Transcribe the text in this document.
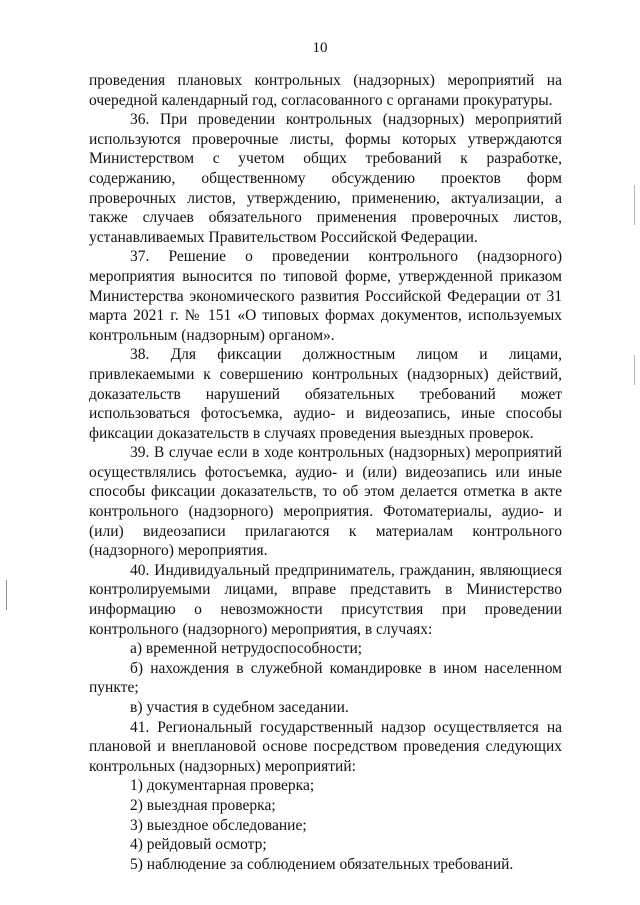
10

проведения плановых контрольных (надзорных) мероприятий на очередной календарный год, согласованного с органами прокуратуры.

36. При проведении контрольных (надзорных) мероприятий используются проверочные листы, формы которых утверждаются Министерством с учетом общих требований к разработке, содержанию, общественному обсуждению проектов форм проверочных листов, утверждению, применению, актуализации, а также случаев обязательного применения проверочных листов, устанавливаемых Правительством Российской Федерации.

37. Решение о проведении контрольного (надзорного) мероприятия выносится по типовой форме, утвержденной приказом Министерства экономического развития Российской Федерации от 31 марта 2021 г. № 151 «О типовых формах документов, используемых контрольным (надзорным) органом».

38. Для фиксации должностным лицом и лицами, привлекаемыми к совершению контрольных (надзорных) действий, доказательств нарушений обязательных требований может использоваться фотосъемка, аудио- и видеозапись, иные способы фиксации доказательств в случаях проведения выездных проверок.

39. В случае если в ходе контрольных (надзорных) мероприятий осуществлялись фотосъемка, аудио- и (или) видеозапись или иные способы фиксации доказательств, то об этом делается отметка в акте контрольного (надзорного) мероприятия. Фотоматериалы, аудио- и (или) видеозаписи прилагаются к материалам контрольного (надзорного) мероприятия.

40. Индивидуальный предприниматель, гражданин, являющиеся контролируемыми лицами, вправе представить в Министерство информацию о невозможности присутствия при проведении контрольного (надзорного) мероприятия, в случаях:

а) временной нетрудоспособности;

б) нахождения в служебной командировке в ином населенном пункте;

в) участия в судебном заседании.

41. Региональный государственный надзор осуществляется на плановой и внеплановой основе посредством проведения следующих контрольных (надзорных) мероприятий:

1) документарная проверка;

2) выездная проверка;

3) выездное обследование;

4) рейдовый осмотр;

5) наблюдение за соблюдением обязательных требований.
